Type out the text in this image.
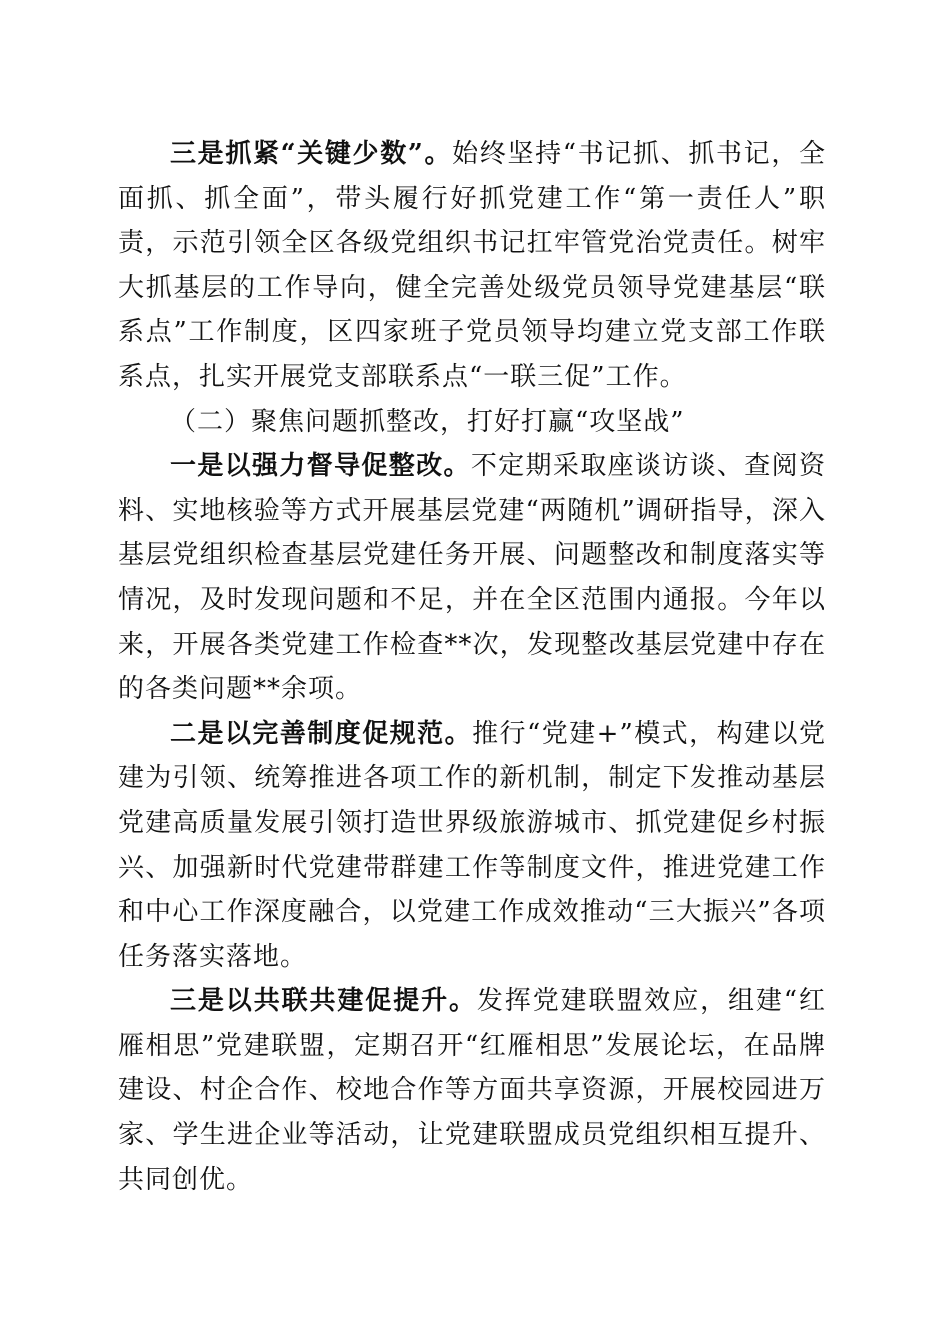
三是抓紧“关键少数”。始终坚持“书记抓、抓书记，全面抓、抓全面”，带头履行好抓党建工作“第一责任人”职责，示范引领全区各级党组织书记扛牢管党治党责任。树牢大抓基层的工作导向，健全完善处级党员领导党建基层“联系点”工作制度，区四家班子党员领导均建立党支部工作联系点，扎实开展党支部联系点“一联三促”工作。

（二）聚焦问题抓整改，打好打赢“攻坚战”

一是以强力督导促整改。不定期采取座谈访谈、查阅资料、实地核验等方式开展基层党建“两随机”调研指导，深入基层党组织检查基层党建任务开展、问题整改和制度落实等情况，及时发现问题和不足，并在全区范围内通报。今年以来，开展各类党建工作检查**次，发现整改基层党建中存在的各类问题**余项。

二是以完善制度促规范。推行“党建+”模式，构建以党建为引领、统筹推进各项工作的新机制，制定下发推动基层党建高质量发展引领打造世界级旅游城市、抓党建促乡村振兴、加强新时代党建带群建工作等制度文件，推进党建工作和中心工作深度融合，以党建工作成效推动“三大振兴”各项任务落实落地。

三是以共联共建促提升。发挥党建联盟效应，组建“红雁相思”党建联盟，定期召开“红雁相思”发展论坛，在品牌建设、村企合作、校地合作等方面共享资源，开展校园进万家、学生进企业等活动，让党建联盟成员党组织相互提升、共同创优。
